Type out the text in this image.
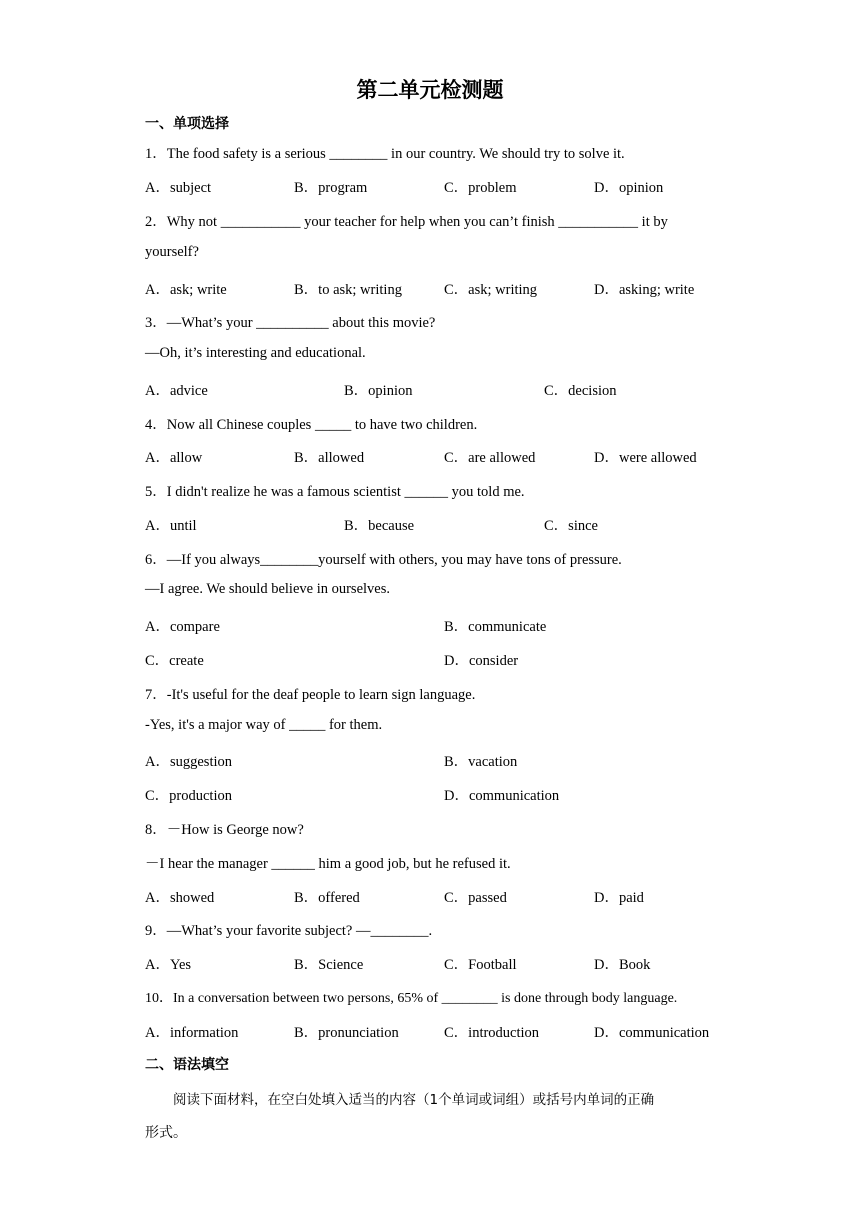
第二单元检测题
一、单项选择
1．The food safety is a serious ________ in our country. We should try to solve it.
A．subject	B．program	C．problem	D．opinion
2．Why not ___________ your teacher for help when you can’t finish ___________ it by
yourself?
A．ask; write	B．to ask; writing	C．ask; writing	D．asking; write
3．—What’s your __________ about this movie?
—Oh, it’s interesting and educational.
A．advice	B．opinion	C．decision
4．Now all Chinese couples _____ to have two children.
A．allow	B．allowed	C．are allowed	D．were allowed
5．I didn't realize he was a famous scientist ______ you told me.
A．until	B．because	C．since
6．—If you always________yourself with others, you may have tons of pressure.
—I agree. We should believe in ourselves.
A．compare	B．communicate
C．create	D．consider
7．-It's useful for the deaf people to learn sign language.
-Yes, it's a major way of _____ for them.
A．suggestion	B．vacation
C．production	D．communication
8．－How is George now?
－I hear the manager ______ him a good job, but he refused it.
A．showed	B．offered	C．passed	D．paid
9．—What’s your favorite subject? —________.
A．Yes	B．Science	C．Football	D．Book
10．In a conversation between two persons, 65% of ________ is done through body language.
A．information	B．pronunciation	C．introduction	D．communication
二、语法填空
阅读下面材料，在空白处填入适当的内容（1个单词或词组）或括号内单词的正确
形式。
